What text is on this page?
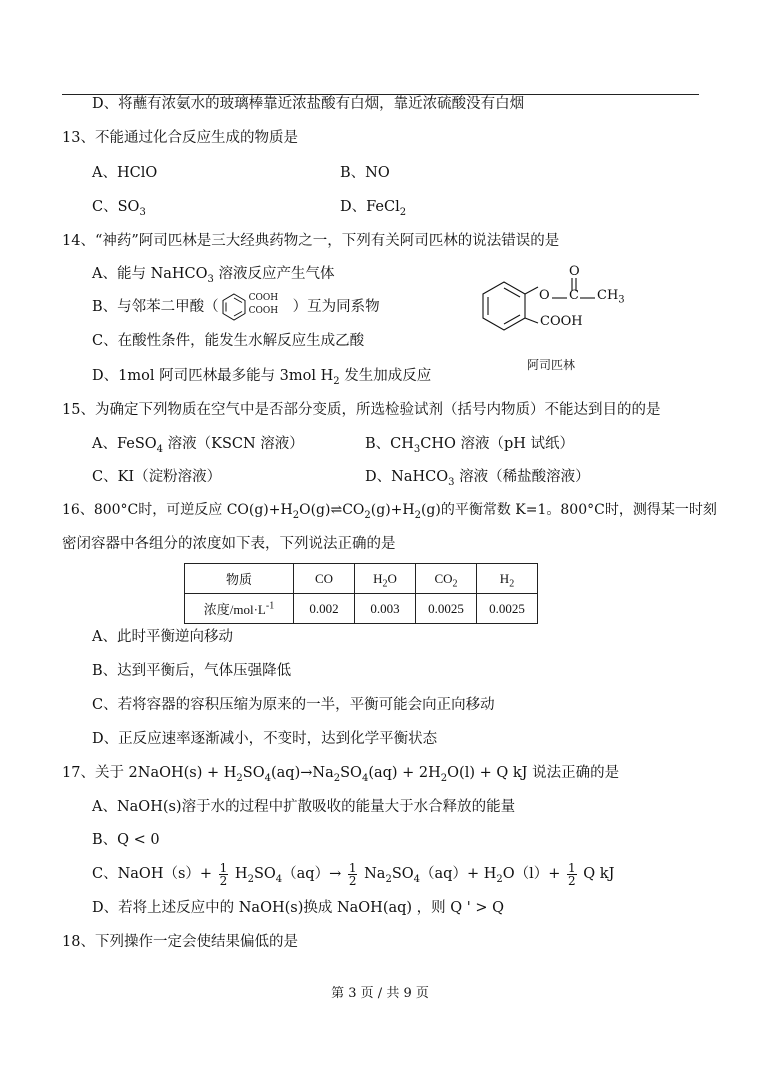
D、将蘸有浓氨水的玻璃棒靠近浓盐酸有白烟，靠近浓硫酸没有白烟
13、不能通过化合反应生成的物质是
A、HClO	B、NO
C、$SO_3$	D、FeCl$_2$
14、“神药”阿司匹林是三大经典药物之一，下列有关阿司匹林的说法错误的是
A、能与 NaHCO$_3$ 溶液反应产生气体
B、与邻苯二甲酸（
COOH
COOH ）互为同系物
C、在酸性条件，能发生水解反应生成乙酸
D、1mol 阿司匹林最多能与 3mol $H_2$ 发生加成反应
O
O
C $CH_3$
COOH
阿司匹林
15、为确定下列物质在空气中是否部分变质，所选检验试剂（括号内物质）不能达到目的的是
A、FeSO$_4$ 溶液（KSCN 溶液）	B、$CH_3CHO$ 溶液（pH 试纸）
C、KI（淀粉溶液）	D、NaHCO$_3$ 溶液（稀盐酸溶液）
16、800°C时，可逆反应 $CO(g)+H_2O(g)\rightleftharpoons CO_2(g)+H_2(g)$的平衡常数 K=1。800°C时，测得某一时刻
密闭容器中各组分的浓度如下表，下列说法正确的是
物质	CO	$H_2O$	$CO_2$	$H_2$
浓度$/mol\cdot L^{-1}$	0.002	0.003	0.0025	0.0025
A、此时平衡逆向移动
B、达到平衡后，气体压强降低
C、若将容器的容积压缩为原来的一半，平衡可能会向正向移动
D、正反应速率逐渐减小，不变时，达到化学平衡状态
17、关于 2NaOH(s) + $H_2SO_4(aq)\to Na_2SO_4(aq) + 2H_2O(l) + Q$ kJ 说法正确的是
A、NaOH(s)溶于水的过程中扩散吸收的能量大于水合释放的能量
B、Q < 0
C、NaOH（s）+ $\frac{1}{2} H_2SO_4(aq)\to \frac{1}{2} Na_2SO_4(aq)+ H_2O(l)+ \frac{1}{2}$ Q kJ
D、若将上述反应中的 NaOH(s)换成 NaOH(aq) ，则 Q ' > Q
18、下列操作一定会使结果偏低的是
第 3 页 / 共 9 页
